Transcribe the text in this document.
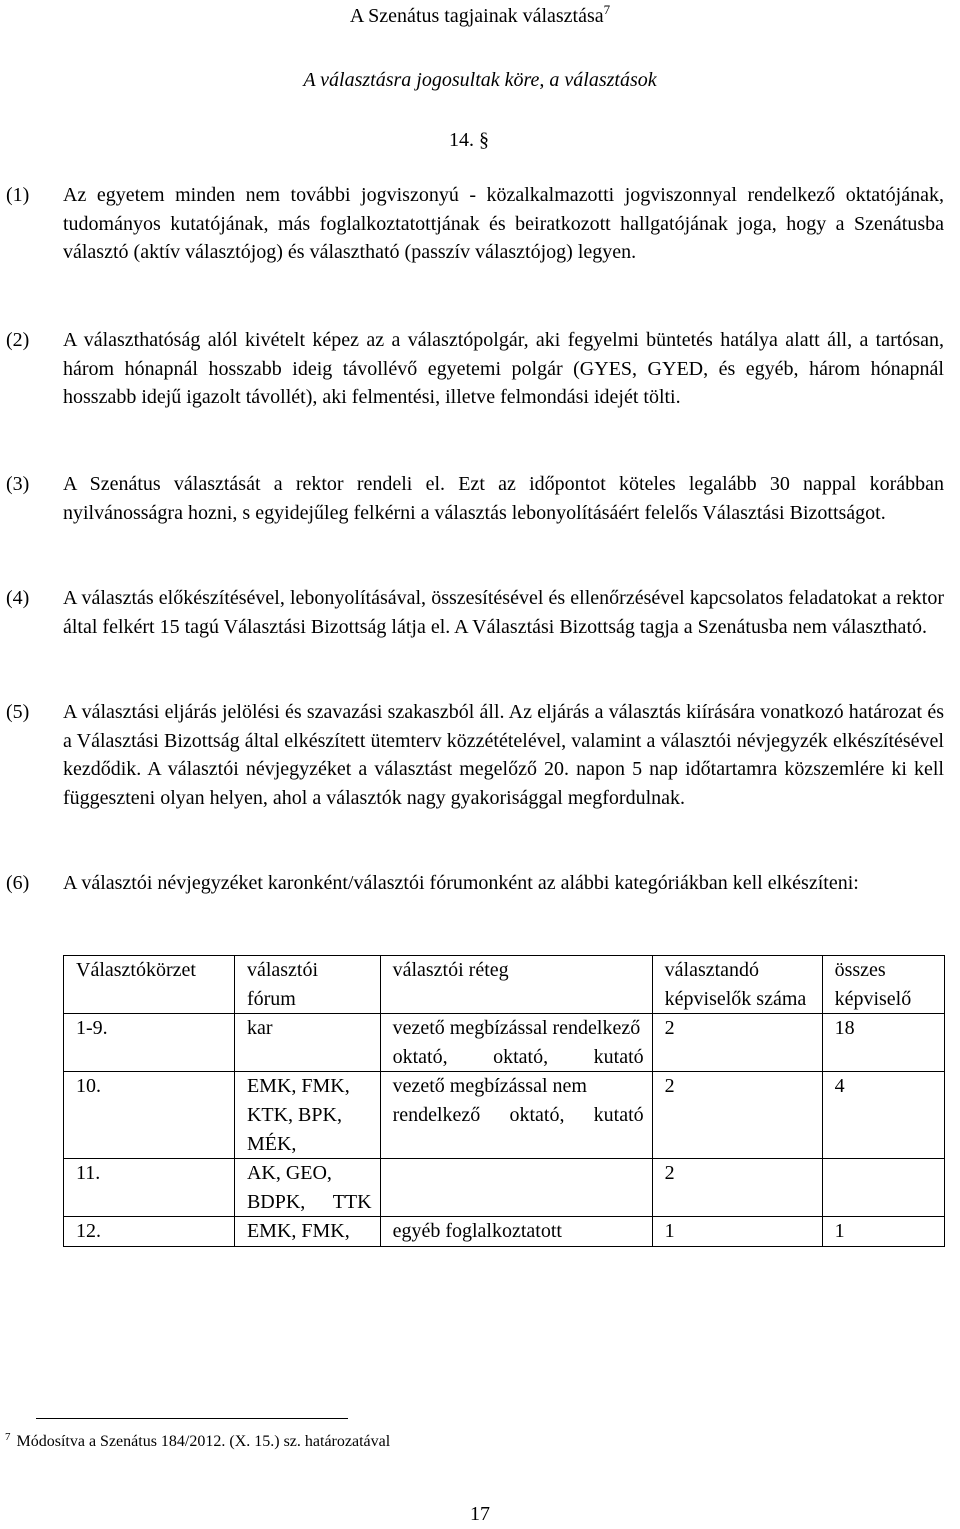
A Szenátus tagjainak választása$^7$
A választásra jogosultak köre, a választások
14. §
(1) Az egyetem minden nem további jogviszonyú - közalkalmazotti jogviszonnyal rendelkező oktatójának, tudományos kutatójának, más foglalkoztatottjának és beiratkozott hallgatójának joga, hogy a Szenátusba választó (aktív választójog) és választható (passzív választójog) legyen.
(2) A választhatóság alól kivételt képez az a választópolgár, aki fegyelmi büntetés hatálya alatt áll, a tartósan, három hónapnál hosszabb ideig távollévő egyetemi polgár (GYES, GYED, és egyéb, három hónapnál hosszabb idejű igazolt távollét), aki felmentési, illetve felmondási idejét tölti.
(3) A Szenátus választását a rektor rendeli el. Ezt az időpontot köteles legalább 30 nappal korábban nyilvánosságra hozni, s egyidejűleg felkérni a választás lebonyolításáért felelős Választási Bizottságot.
(4) A választás előkészítésével, lebonyolításával, összesítésével és ellenőrzésével kapcsolatos feladatokat a rektor által felkért 15 tagú Választási Bizottság látja el. A Választási Bizottság tagja a Szenátusba nem választható.
(5) A választási eljárás jelölési és szavazási szakaszból áll. Az eljárás a választás kiírására vonatkozó határozat és a Választási Bizottság által elkészített ütemterv közzétételével, valamint a választói névjegyzék elkészítésével kezdődik. A választói névjegyzéket a választást megelőző 20. napon 5 nap időtartamra közszemlére ki kell függeszteni olyan helyen, ahol a választók nagy gyakorisággal megfordulnak.
(6) A választói névjegyzéket karonként/választói fórumonként az alábbi kategóriákban kell elkészíteni:
Választókörzet	választói fórum	választói réteg	választandó képviselők száma	összes képviselő
1-9.	kar	vezető megbízással rendelkező oktató, oktató, kutató	2	18
10.	EMK, FMK, KTK, BPK, MÉK,	vezető megbízással nem rendelkező oktató, kutató	2	4
11.	AK, GEO, BDPK, TTK		2	
12.	EMK, FMK,	egyéb foglalkoztatott	1	1
$^7$ Módosítva a Szenátus 184/2012. (X. 15.) sz. határozatával
17
